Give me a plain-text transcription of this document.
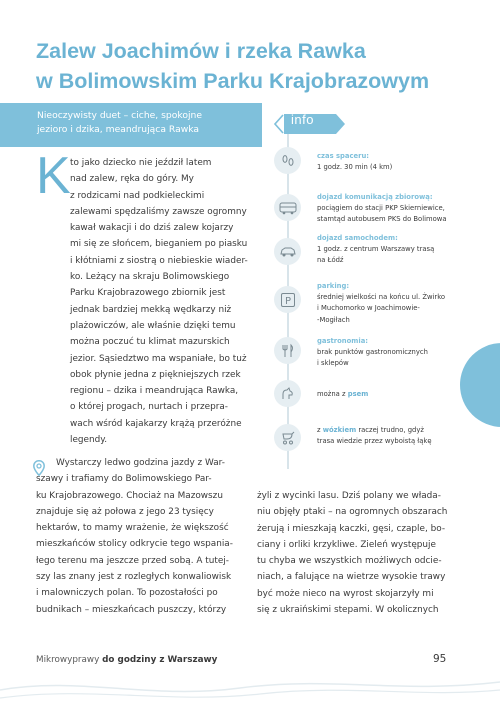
Zalew Joachimów i rzeka Rawka
w Bolimowskim Parku Krajobrazowym
Nieoczywisty duet – ciche, spokojne
jezioro i dzika, meandrująca Rawka
K to jako dziecko nie jeździł latem
nad zalew, ręka do góry. My
z rodzicami nad podkieleckimi
zalewami spędzaliśmy zawsze ogromny
kawał wakacji i do dziś zalew kojarzy
mi się ze słońcem, bieganiem po piasku
i kłótniami z siostrą o niebieskie wiader-
ko. Leżący na skraju Bolimowskiego
Parku Krajobrazowego zbiornik jest
jednak bardziej mekką wędkarzy niż
plażowiczów, ale właśnie dzięki temu
można poczuć tu klimat mazurskich
jezior. Sąsiedztwo ma wspaniałe, bo tuż
obok płynie jedna z piękniejszych rzek
regionu – dzika i meandrująca Rawka,
o której progach, nurtach i przepra-
wach wśród kajakarzy krążą przeróżne
legendy.
Wystarczy ledwo godzina jazdy z War-
szawy i trafiamy do Bolimowskiego Par-
ku Krajobrazowego. Chociaż na Mazowszu
znajduje się aż połowa z jego 23 tysięcy
hektarów, to mamy wrażenie, że większość
mieszkańców stolicy odkrycie tego wspania-
łego terenu ma jeszcze przed sobą. A tutej-
szy las znany jest z rozległych konwaliowisk
i malowniczych polan. To pozostałości po
budnikach – mieszkańcach puszczy, którzy
żyli z wycinki lasu. Dziś polany we włada-
niu objęły ptaki – na ogromnych obszarach
żerują i mieszkają kaczki, gęsi, czaple, bo-
ciany i orliki krzykliwe. Zieleń występuje
tu chyba we wszystkich możliwych odcie-
niach, a falujące na wietrze wysokie trawy
być może nieco na wyrost skojarzyły mi
się z ukraińskimi stepami. W okolicznych
info
czas spaceru:
1 godz. 30 min (4 km)
dojazd komunikacją zbiorową:
pociągiem do stacji PKP Skierniewice,
stamtąd autobusem PKS do Bolimowa
dojazd samochodem:
1 godz. z centrum Warszawy trasą
na Łódź
P
parking:
średniej wielkości na końcu ul. Żwirko
i Muchomorko w Joachimowie-
-Mogiłach
gastronomia:
brak punktów gastronomicznych
i sklepów
można z psem
z wózkiem raczej trudno, gdyż
trasa wiedzie przez wyboistą łąkę
Mikrowyprawy do godziny z Warszawy	95
